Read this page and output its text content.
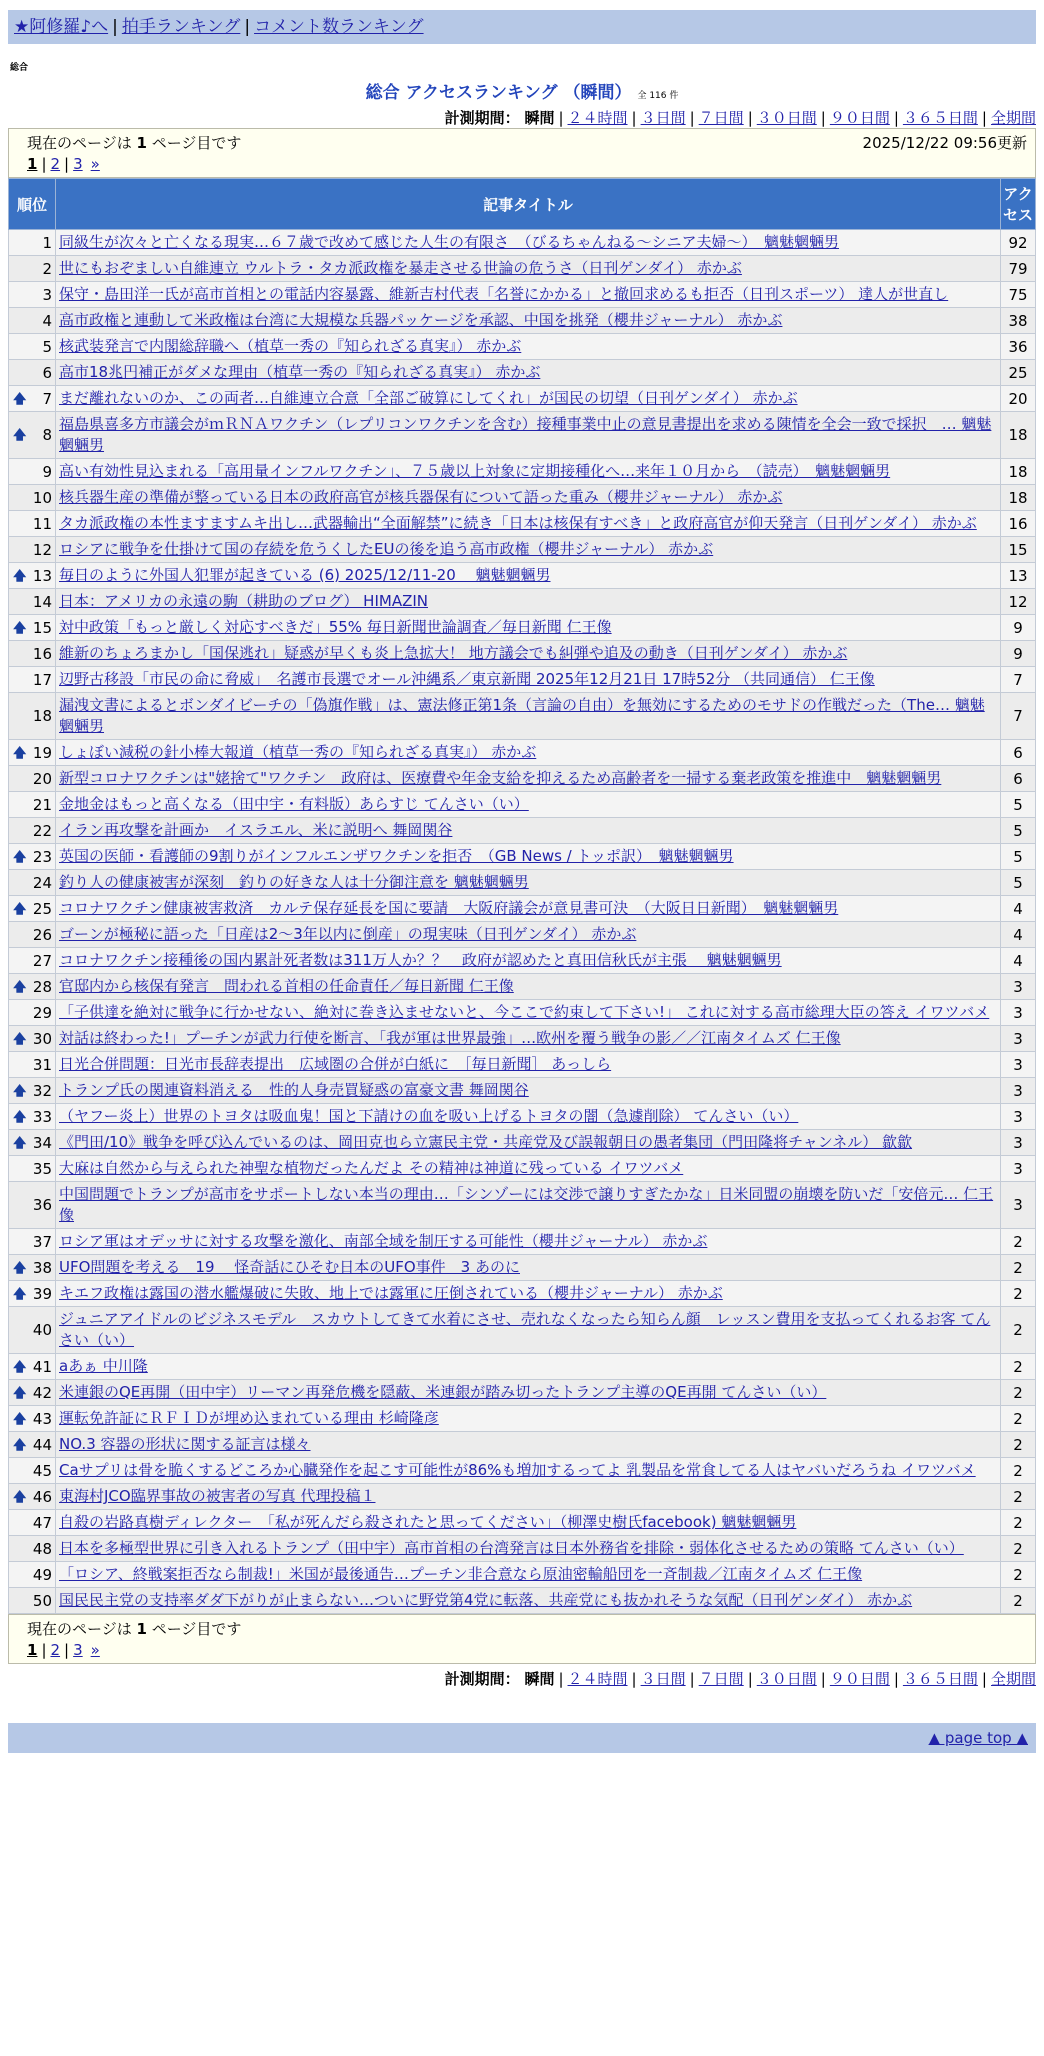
★阿修羅♪へ | 拍手ランキング | コメント数ランキング
総合
総合 アクセスランキング （瞬間） 全 116 件
計測期間： 瞬間 | ２４時間 | ３日間 | ７日間 | ３０日間 | ９０日間 | ３６５日間 | 全期間
現在のページは 1 ページ目です	2025/12/22 09:56更新
1 | 2 | 3 »
順位	記事タイトル	アクセス
1	同級生が次々と亡くなる現実…６７歳で改めて感じた人生の有限さ　（びるちゃんねる～シニア夫婦～）　魑魅魍魎男	92
2	世にもおぞましい自維連立 ウルトラ・タカ派政権を暴走させる世論の危うさ（日刊ゲンダイ） 赤かぶ	79
3	保守・島田洋一氏が高市首相との電話内容暴露、維新吉村代表「名誉にかかる」と撤回求めるも拒否（日刊スポーツ） 達人が世直し	75
4	高市政権と連動して米政権は台湾に大規模な兵器パッケージを承認、中国を挑発（櫻井ジャーナル） 赤かぶ	38
5	核武装発言で内閣総辞職へ（植草一秀の『知られざる真実』） 赤かぶ	36
6	高市18兆円補正がダメな理由（植草一秀の『知られざる真実』） 赤かぶ	25

🡅 7	まだ離れないのか、この両者…自維連立合意「全部ご破算にしてくれ」が国民の切望（日刊ゲンダイ） 赤かぶ	20

🡅 8	福島県喜多方市議会がｍＲＮＡワクチン（レプリコンワクチンを含む）接種事業中止の意見書提出を求める陳情を全会一致で採択　… 魑魅魍魎男	18
9	高い有効性見込まれる「高用量インフルワクチン」、７５歳以上対象に定期接種化へ…来年１０月から　（読売）　魑魅魍魎男	18
10	核兵器生産の準備が整っている日本の政府高官が核兵器保有について語った重み（櫻井ジャーナル） 赤かぶ	18
11	タカ派政権の本性ますますムキ出し…武器輸出“全面解禁”に続き「日本は核保有すべき」と政府高官が仰天発言（日刊ゲンダイ） 赤かぶ	16
12	ロシアに戦争を仕掛けて国の存続を危うくしたEUの後を追う高市政権（櫻井ジャーナル） 赤かぶ	15

🡅 13	毎日のように外国人犯罪が起きている (6) 2025/12/11-20　 魑魅魍魎男	13
14	日本：アメリカの永遠の駒（耕助のブログ） HIMAZIN	12

🡅 15	対中政策「もっと厳しく対応すべきだ」55% 毎日新聞世論調査／毎日新聞 仁王像	9
16	維新のちょろまかし「国保逃れ」疑惑が早くも炎上急拡大！ 地方議会でも糾弾や追及の動き（日刊ゲンダイ） 赤かぶ	9
17	辺野古移設「市民の命に脅威」　名護市長選でオール沖縄系／東京新聞 2025年12月21日 17時52分 （共同通信） 仁王像	7
18	漏洩文書によるとボンダイビーチの「偽旗作戦」は、憲法修正第1条（言論の自由）を無効にするためのモサドの作戦だった（The… 魑魅魍魎男	7

🡅 19	しょぼい減税の針小棒大報道（植草一秀の『知られざる真実』） 赤かぶ	6
20	新型コロナワクチンは"姥捨て"ワクチン　政府は、医療費や年金支給を抑えるため高齢者を一掃する棄老政策を推進中　魑魅魍魎男	6
21	金地金はもっと高くなる（田中宇・有料版）あらすじ てんさい（い）	5
22	イラン再攻撃を計画か　イスラエル、米に説明へ 舞岡関谷	5

🡅 23	英国の医師・看護師の9割りがインフルエンザワクチンを拒否　（GB News / トッポ訳）　魑魅魍魎男	5
24	釣り人の健康被害が深刻　釣りの好きな人は十分御注意を 魑魅魍魎男	5

🡅 25	コロナワクチン健康被害救済　カルテ保存延長を国に要請　大阪府議会が意見書可決　（大阪日日新聞）　魑魅魍魎男	4
26	ゴーンが極秘に語った「日産は2～3年以内に倒産」の現実味（日刊ゲンダイ） 赤かぶ	4
27	コロナワクチン接種後の国内累計死者数は311万人か？？　政府が認めたと真田信秋氏が主張　 魑魅魍魎男	4

🡅 28	官邸内から核保有発言　問われる首相の任命責任／毎日新聞 仁王像	3
29	「子供達を絶対に戦争に行かせない、絶対に巻き込ませないと、今ここで約束して下さい!」 これに対する高市総理大臣の答え イワツバメ	3

🡅 30	対話は終わった!」プーチンが武力行使を断言、「我が軍は世界最強」…欧州を覆う戦争の影／／江南タイムズ 仁王像	3
31	日光合併問題：日光市長辞表提出　広域圏の合併が白紙に　［毎日新聞］ あっしら	3

🡅 32	トランプ氏の関連資料消える　性的人身売買疑惑の富豪文書 舞岡関谷	3

🡅 33	（ヤフー炎上）世界のトヨタは吸血鬼！国と下請けの血を吸い上げるトヨタの闇（急遽削除） てんさい（い）	3

🡅 34	《門田/10》戦争を呼び込んでいるのは、岡田克也ら立憲民主党・共産党及び誤報朝日の愚者集団（門田隆将チャンネル） 歙歙	3
35	大麻は自然から与えられた神聖な植物だったんだよ その精神は神道に残っている イワツバメ	3
36	中国問題でトランプが高市をサポートしない本当の理由…「シンゾーには交渉で譲りすぎたかな」日米同盟の崩壊を防いだ「安倍元… 仁王像	3
37	ロシア軍はオデッサに対する攻撃を激化、南部全域を制圧する可能性（櫻井ジャーナル） 赤かぶ	2

🡅 38	UFO問題を考える　19　 怪奇話にひそむ日本のUFO事件　3 あのに	2

🡅 39	キエフ政権は露国の潜水艦爆破に失敗、地上では露軍に圧倒されている（櫻井ジャーナル） 赤かぶ	2
40	ジュニアアイドルのビジネスモデル　スカウトしてきて水着にさせ、売れなくなったら知らん顔　レッスン費用を支払ってくれるお客 てんさい（い）	2

🡅 41	aあぁ 中川隆	2

🡅 42	米連銀のQE再開（田中宇）リーマン再発危機を隠蔽、米連銀が踏み切ったトランプ主導のQE再開 てんさい（い）	2

🡅 43	運転免許証にＲＦＩＤが埋め込まれている理由 杉崎隆彦	2

🡅 44	NO.3 容器の形状に関する証言は様々	2
45	Caサプリは骨を脆くするどころか心臓発作を起こす可能性が86%も増加するってよ 乳製品を常食してる人はヤバいだろうね イワツバメ	2

🡅 46	東海村JCO臨界事故の被害者の写真 代理投稿１	2
47	自殺の岩路真樹ディレクター　「私が死んだら殺されたと思ってください」（柳澤史樹氏facebook) 魑魅魍魎男	2
48	日本を多極型世界に引き入れるトランプ（田中宇）高市首相の台湾発言は日本外務省を排除・弱体化させるための策略 てんさい（い）	2
49	「ロシア、終戦案拒否なら制裁!」米国が最後通告…プーチン非合意なら原油密輸船団を一斉制裁／江南タイムズ 仁王像	2
50	国民民主党の支持率ダダ下がりが止まらない…ついに野党第4党に転落、共産党にも抜かれそうな気配（日刊ゲンダイ） 赤かぶ	2
現在のページは 1 ページ目です
1 | 2 | 3 »
計測期間： 瞬間 | ２４時間 | ３日間 | ７日間 | ３０日間 | ９０日間 | ３６５日間 | 全期間
▲ page top ▲
